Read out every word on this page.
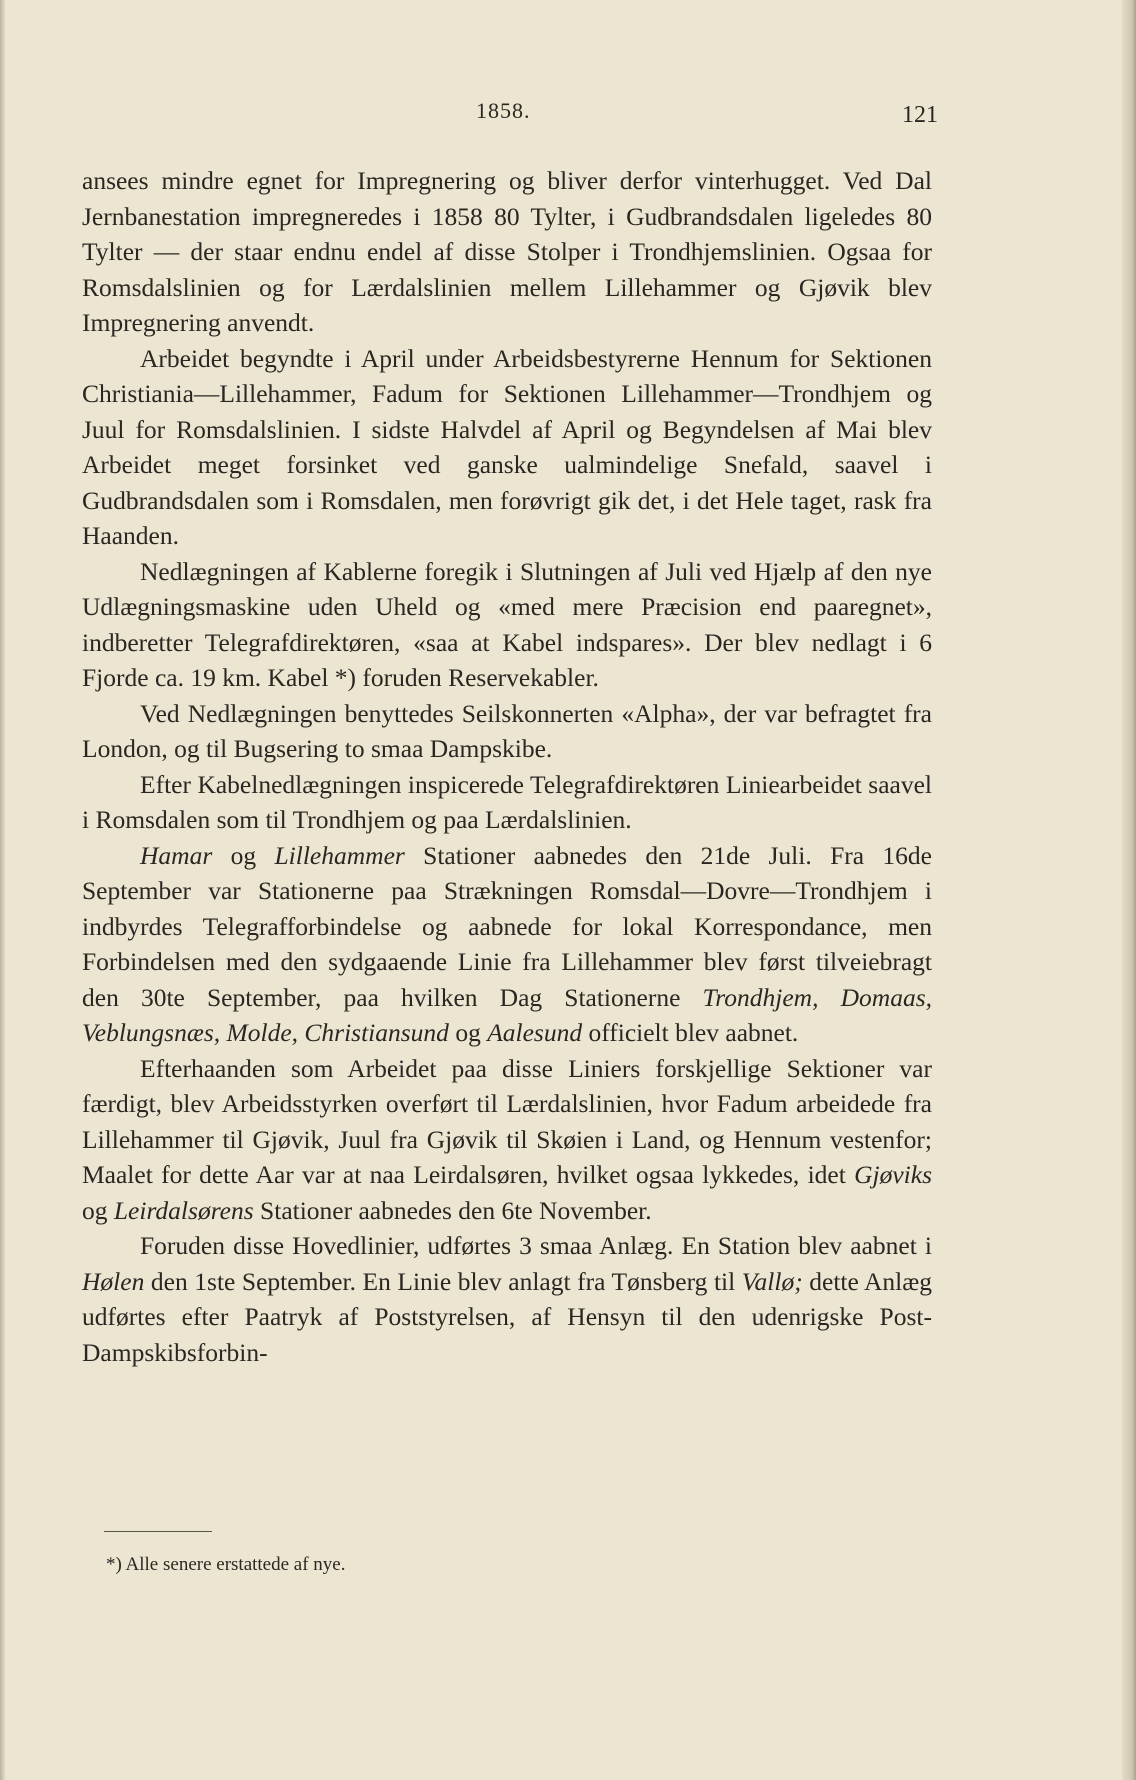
1858.	121

ansees mindre egnet for Impregnering og bliver derfor vinterhugget. Ved Dal Jernbanestation impregneredes i 1858 80 Tylter, i Gudbrandsdalen ligeledes 80 Tylter — der staar endnu endel af disse Stolper i Trondhjemslinien. Ogsaa for Romsdalslinien og for Lærdalslinien mellem Lillehammer og Gjøvik blev Impregnering anvendt.

Arbeidet begyndte i April under Arbeidsbestyrerne Hennum for Sektionen Christiania—Lillehammer, Fadum for Sektionen Lillehammer—Trondhjem og Juul for Romsdalslinien. I sidste Halvdel af April og Begyndelsen af Mai blev Arbeidet meget forsinket ved ganske ualmindelige Snefald, saavel i Gudbrandsdalen som i Romsdalen, men forøvrigt gik det, i det Hele taget, rask fra Haanden.

Nedlægningen af Kablerne foregik i Slutningen af Juli ved Hjælp af den nye Udlægningsmaskine uden Uheld og «med mere Præcision end paaregnet», indberetter Telegrafdirektøren, «saa at Kabel indspares». Der blev nedlagt i 6 Fjorde ca. 19 km. Kabel *) foruden Reservekabler.

Ved Nedlægningen benyttedes Seilskonnerten «Alpha», der var befragtet fra London, og til Bugsering to smaa Dampskibe.

Efter Kabelnedlægningen inspicerede Telegrafdirektøren Liniearbeidet saavel i Romsdalen som til Trondhjem og paa Lærdalslinien.

Hamar og Lillehammer Stationer aabnedes den 21de Juli. Fra 16de September var Stationerne paa Strækningen Romsdal—Dovre—Trondhjem i indbyrdes Telegrafforbindelse og aabnede for lokal Korrespondance, men Forbindelsen med den sydgaaende Linie fra Lillehammer blev først tilveiebragt den 30te September, paa hvilken Dag Stationerne Trondhjem, Domaas, Veblungsnæs, Molde, Christiansund og Aalesund officielt blev aabnet.

Efterhaanden som Arbeidet paa disse Liniers forskjellige Sektioner var færdigt, blev Arbeidsstyrken overført til Lærdalslinien, hvor Fadum arbeidede fra Lillehammer til Gjøvik, Juul fra Gjøvik til Skøien i Land, og Hennum vestenfor; Maalet for dette Aar var at naa Leirdalsøren, hvilket ogsaa lykkedes, idet Gjøviks og Leirdalsørens Stationer aabnedes den 6te November.

Foruden disse Hovedlinier, udførtes 3 smaa Anlæg. En Station blev aabnet i Hølen den 1ste September. En Linie blev anlagt fra Tønsberg til Vallø; dette Anlæg udførtes efter Paatryk af Poststyrelsen, af Hensyn til den udenrigske Post-Dampskibsforbin-

*) Alle senere erstattede af nye.
